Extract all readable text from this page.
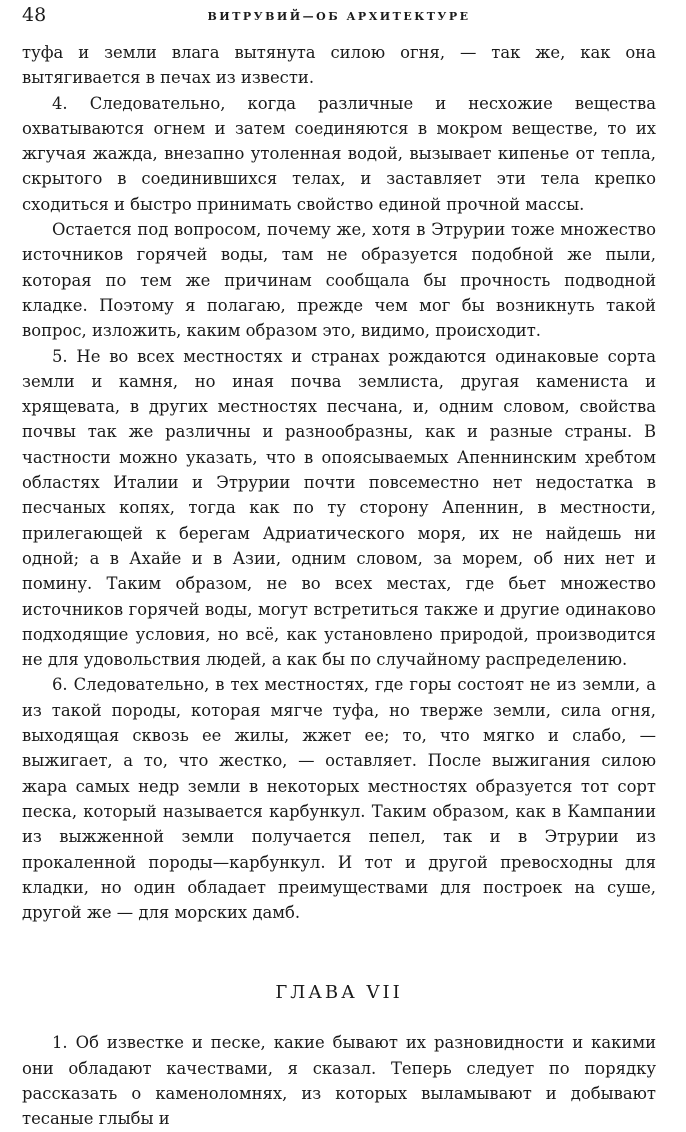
48	ВИТРУВИЙ—ОБ АРХИТЕКТУРЕ

туфа и земли влага вытянута силою огня, — так же, как она вытягивается в печах из извести.

4. Следовательно, когда различные и несхожие вещества охватываются огнем и затем соединяются в мокром веществе, то их жгучая жажда, внезапно утоленная водой, вызывает кипенье от тепла, скрытого в соединившихся телах, и заставляет эти тела крепко сходиться и быстро принимать свойство единой прочной массы.

Остается под вопросом, почему же, хотя в Этрурии тоже множество источников горячей воды, там не образуется подобной же пыли, которая по тем же причинам сообщала бы прочность подводной кладке. Поэтому я полагаю, прежде чем мог бы возникнуть такой вопрос, изложить, каким образом это, видимо, происходит.

5. Не во всех местностях и странах рождаются одинаковые сорта земли и камня, но иная почва землиста, другая камениста и хрящевата, в других местностях песчана, и, одним словом, свойства почвы так же различны и разнообразны, как и разные страны. В частности можно указать, что в опоясываемых Апеннинским хребтом областях Италии и Этрурии почти повсеместно нет недостатка в песчаных копях, тогда как по ту сторону Апеннин, в местности, прилегающей к берегам Адриатического моря, их не найдешь ни одной; а в Ахайе и в Азии, одним словом, за морем, об них нет и помину. Таким образом, не во всех местах, где бьет множество источников горячей воды, могут встретиться также и другие одинаково подходящие условия, но всё, как установлено природой, производится не для удовольствия людей, а как бы по случайному распределению.

6. Следовательно, в тех местностях, где горы состоят не из земли, а из такой породы, которая мягче туфа, но тверже земли, сила огня, выходящая сквозь ее жилы, жжет ее; то, что мягко и слабо, — выжигает, а то, что жестко, — оставляет. После выжигания силою жара самых недр земли в некоторых местностях образуется тот сорт песка, который называется карбункул. Таким образом, как в Кампании из выжженной земли получается пепел, так и в Этрурии из прокаленной породы—карбункул. И тот и другой превосходны для кладки, но один обладает преимуществами для построек на суше, другой же — для морских дамб.

ГЛАВА VII

1. Об известке и песке, какие бывают их разновидности и какими они обладают качествами, я сказал. Теперь следует по порядку рассказать о каменоломнях, из которых выламывают и добывают тесаные глыбы и
